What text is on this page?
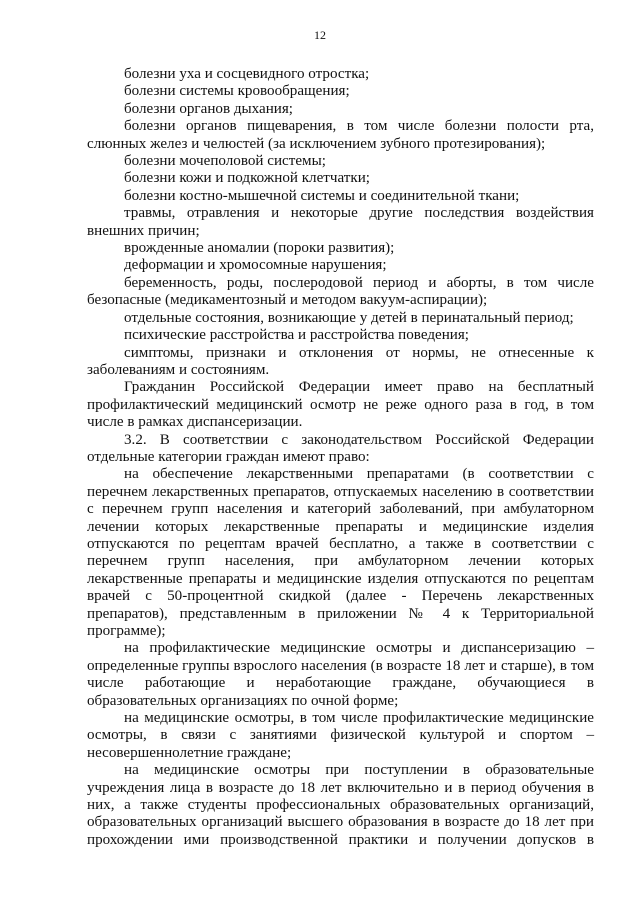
12

болезни уха и сосцевидного отростка;

болезни системы кровообращения;

болезни органов дыхания;

болезни органов пищеварения, в том числе болезни полости рта, слюнных желез и челюстей (за исключением зубного протезирования);

болезни мочеполовой системы;

болезни кожи и подкожной клетчатки;

болезни костно-мышечной системы и соединительной ткани;

травмы, отравления и некоторые другие последствия воздействия внешних причин;

врожденные аномалии (пороки развития);

деформации и хромосомные нарушения;

беременность, роды, послеродовой период и аборты, в том числе безопасные (медикаментозный и методом вакуум-аспирации);

отдельные состояния, возникающие у детей в перинатальный период;

психические расстройства и расстройства поведения;

симптомы, признаки и отклонения от нормы, не отнесенные к заболеваниям и состояниям.

Гражданин Российской Федерации имеет право на бесплатный профилактический медицинский осмотр не реже одного раза в год, в том числе в рамках диспансеризации.

3.2. В соответствии с законодательством Российской Федерации отдельные категории граждан имеют право:

на обеспечение лекарственными препаратами (в соответствии с перечнем лекарственных препаратов, отпускаемых населению в соответствии с перечнем групп населения и категорий заболеваний, при амбулаторном лечении которых лекарственные препараты и медицинские изделия отпускаются по рецептам врачей бесплатно, а также в соответствии с перечнем групп населения, при амбулаторном лечении которых лекарственные препараты и медицинские изделия отпускаются по рецептам врачей с 50-процентной скидкой (далее - Перечень лекарственных препаратов), представленным в приложении № 4 к Территориальной программе);

на профилактические медицинские осмотры и диспансеризацию – определенные группы взрослого населения (в возрасте 18 лет и старше), в том числе работающие и неработающие граждане, обучающиеся в образовательных организациях по очной форме;

на медицинские осмотры, в том числе профилактические медицинские осмотры, в связи с занятиями физической культурой и спортом – несовершеннолетние граждане;

на медицинские осмотры при поступлении в образовательные учреждения лица в возрасте до 18 лет включительно и в период обучения в них, а также студенты профессиональных образовательных организаций, образовательных организаций высшего образования в возрасте до 18 лет при прохождении ими производственной практики и получении допусков в
